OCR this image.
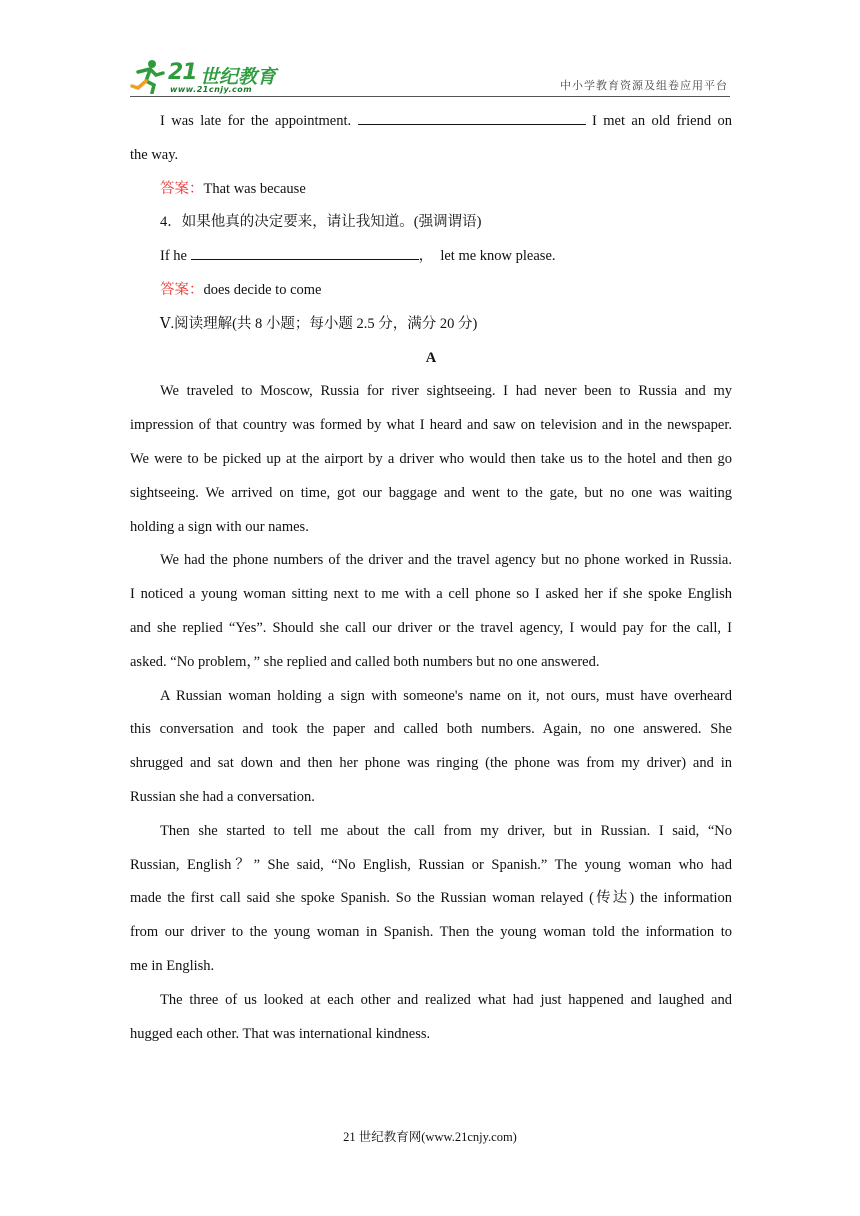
21 世纪教育
www.21cnjy.com	中小学教育资源及组卷应用平台
I was late for the appointment.	I met an old friend on
the way.
答案：That was because
4．如果他真的决定要来，请让我知道。(强调谓语)
If he	，　let me know please.
答案：does decide to come
Ⅴ.阅读理解(共 8 小题；每小题 2.5 分，满分 20 分)
A
We traveled to Moscow, Russia for river sightseeing. I had never been to Russia and my
impression of that country was formed by what I heard and saw on television and in the newspaper.
We were to be picked up at the airport by a driver who would then take us to the hotel and then go
sightseeing. We arrived on time, got our baggage and went to the gate, but no one was waiting
holding a sign with our names.
We had the phone numbers of the driver and the travel agency but no phone worked in Russia.
I noticed a young woman sitting next to me with a cell phone so I asked her if she spoke English
and she replied “Yes”. Should she call our driver or the travel agency, I would pay for the call, I
asked. “No problem，” she replied and called both numbers but no one answered.
A Russian woman holding a sign with someone's name on it, not ours, must have overheard
this conversation and took the paper and called both numbers. Again, no one answered. She
shrugged and sat down and then her phone was ringing (the phone was from my driver) and in
Russian she had a conversation.
Then she started to tell me about the call from my driver, but in Russian. I said, “No
Russian, English？” She said, “No English, Russian or Spanish.” The young woman who had
made the first call said she spoke Spanish. So the Russian woman relayed (传达) the information
from our driver to the young woman in Spanish. Then the young woman told the information to
me in English.
The three of us looked at each other and realized what had just happened and laughed and
hugged each other. That was international kindness.
21 世纪教育网(www.21cnjy.com)
